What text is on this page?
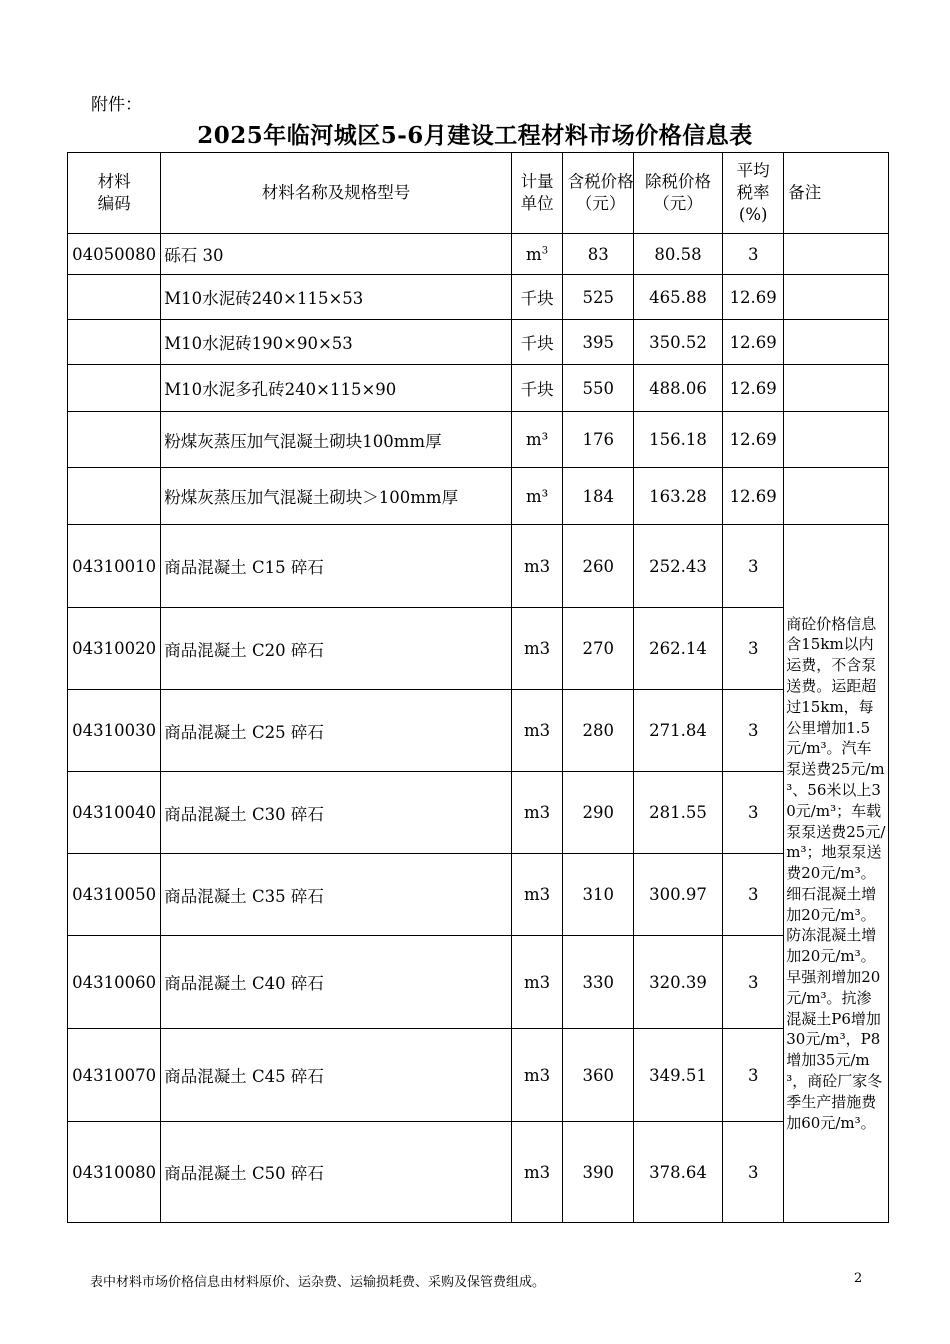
附件：
2025年临河城区5-6月建设工程材料市场价格信息表
材料编码	材料名称及规格型号	计量单位	含税价格（元）	除税价格（元）	平均税率(%)	备注
04050080	砾石 30	$m^3$	83	80.58	3	
	M10水泥砖240×115×53	千块	525	465.88	12.69	
	M10水泥砖190×90×53	千块	395	350.52	12.69	
	M10水泥多孔砖240×115×90	千块	550	488.06	12.69	
	粉煤灰蒸压加气混凝土砌块100mm厚	m³	176	156.18	12.69	
	粉煤灰蒸压加气混凝土砌块＞100mm厚	m³	184	163.28	12.69	
04310010	商品混凝土 C15 碎石	m3	260	252.43	3	商砼价格信息含15km以内运费，不含泵送费。运距超过15km，每公里增加1.5元/m³。汽车泵送费25元/m³、56米以上30元/m³；车载泵泵送费25元/m³；地泵泵送费20元/m³。细石混凝土增加20元/m³。防冻混凝土增加20元/m³。早强剂增加20元/m³。抗渗混凝土P6增加30元/m³，P8增加35元/m³，商砼厂家冬季生产措施费加60元/m³。
04310020	商品混凝土 C20 碎石	m3	270	262.14	3	
04310030	商品混凝土 C25 碎石	m3	280	271.84	3	
04310040	商品混凝土 C30 碎石	m3	290	281.55	3	
04310050	商品混凝土 C35 碎石	m3	310	300.97	3	
04310060	商品混凝土 C40 碎石	m3	330	320.39	3	
04310070	商品混凝土 C45 碎石	m3	360	349.51	3	
04310080	商品混凝土 C50 碎石	m3	390	378.64	3	
表中材料市场价格信息由材料原价、运杂费、运输损耗费、采购及保管费组成。	2
